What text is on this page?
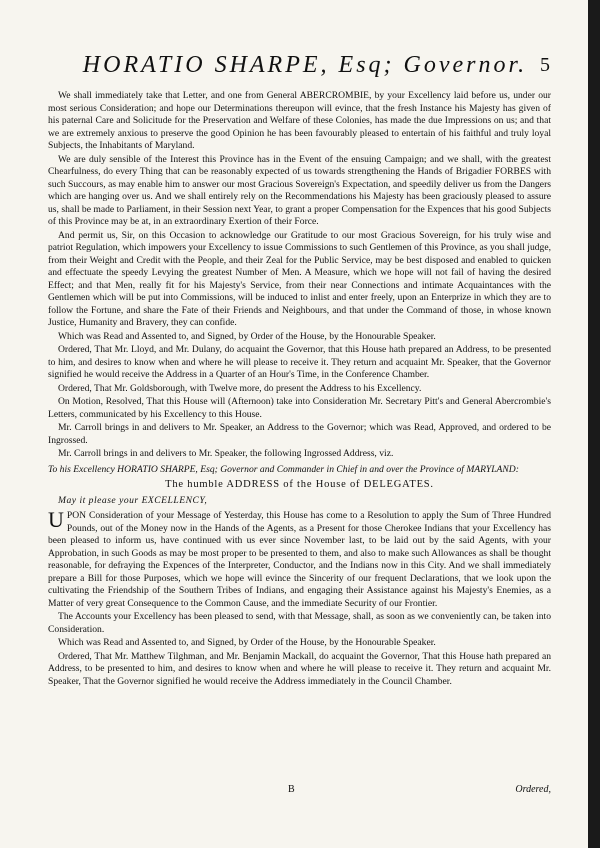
HORATIO SHARPE, Esq; Governor. 5

We shall immediately take that Letter, and one from General ABERCROMBIE, by your Excellency laid before us, under our most serious Consideration; and hope our Determinations thereupon will evince, that the fresh Instance his Majesty has given of his paternal Care and Solicitude for the Preservation and Welfare of these Colonies, has made the due Impressions on us; and that we are extremely anxious to preserve the good Opinion he has been favourably pleased to entertain of his faithful and truly loyal Subjects, the Inhabitants of Maryland.

We are duly sensible of the Interest this Province has in the Event of the ensuing Campaign; and we shall, with the greatest Chearfulness, do every Thing that can be reasonably expected of us towards strengthening the Hands of Brigadier FORBES with such Succours, as may enable him to answer our most Gracious Sovereign's Expectation, and speedily deliver us from the Dangers which are hanging over us. And we shall entirely rely on the Recommendations his Majesty has been graciously pleased to assure us, shall be made to Parliament, in their Session next Year, to grant a proper Compensation for the Expences that his good Subjects of this Province may be at, in an extraordinary Exertion of their Force.

And permit us, Sir, on this Occasion to acknowledge our Gratitude to our most Gracious Sovereign, for his truly wise and patriot Regulation, which impowers your Excellency to issue Commissions to such Gentlemen of this Province, as you shall judge, from their Weight and Credit with the People, and their Zeal for the Public Service, may be best disposed and enabled to quicken and effectuate the speedy Levying the greatest Number of Men. A Measure, which we hope will not fail of having the desired Effect; and that Men, really fit for his Majesty's Service, from their near Connections and intimate Acquaintances with the Gentlemen which will be put into Commissions, will be induced to inlist and enter freely, upon an Enterprize in which they are to follow the Fortune, and share the Fate of their Friends and Neighbours, and that under the Command of those, in whose known Justice, Humanity and Bravery, they can confide.

Which was Read and Assented to, and Signed, by Order of the House, by the Honourable Speaker.

Ordered, That Mr. Lloyd, and Mr. Dulany, do acquaint the Governor, that this House hath prepared an Address, to be presented to him, and desires to know when and where he will please to receive it. They return and acquaint Mr. Speaker, that the Governor signified he would receive the Address in a Quarter of an Hour's Time, in the Conference Chamber.

Ordered, That Mr. Goldsborough, with Twelve more, do present the Address to his Excellency.

On Motion, Resolved, That this House will (Afternoon) take into Consideration Mr. Secretary Pitt's and General Abercrombie's Letters, communicated by his Excellency to this House.

Mr. Carroll brings in and delivers to Mr. Speaker, an Address to the Governor; which was Read, Approved, and ordered to be Ingrossed.

Mr. Carroll brings in and delivers to Mr. Speaker, the following Ingrossed Address, viz.

To his Excellency HORATIO SHARPE, Esq; Governor and Commander in Chief in and over the Province of MARYLAND:

The humble ADDRESS of the House of DELEGATES.

May it please your EXCELLENCY,

UPON Consideration of your Message of Yesterday, this House has come to a Resolution to apply the Sum of Three Hundred Pounds, out of the Money now in the Hands of the Agents, as a Present for those Cherokee Indians that your Excellency has been pleased to inform us, have continued with us ever since November last, to be laid out by the said Agents, with your Approbation, in such Goods as may be most proper to be presented to them, and also to make such Allowances as shall be thought reasonable, for defraying the Expences of the Interpreter, Conductor, and the Indians now in this City. And we shall immediately prepare a Bill for those Purposes, which we hope will evince the Sincerity of our frequent Declarations, that we look upon the cultivating the Friendship of the Southern Tribes of Indians, and engaging their Assistance against his Majesty's Enemies, as a Matter of very great Consequence to the Common Cause, and the immediate Security of our Frontier.

The Accounts your Excellency has been pleased to send, with that Message, shall, as soon as we conveniently can, be taken into Consideration.

Which was Read and Assented to, and Signed, by Order of the House, by the Honourable Speaker.

Ordered, That Mr. Matthew Tilghman, and Mr. Benjamin Mackall, do acquaint the Governor, That this House hath prepared an Address, to be presented to him, and desires to know when and where he will please to receive it. They return and acquaint Mr. Speaker, That the Governor signified he would receive the Address immediately in the Council Chamber.

B	Ordered,
